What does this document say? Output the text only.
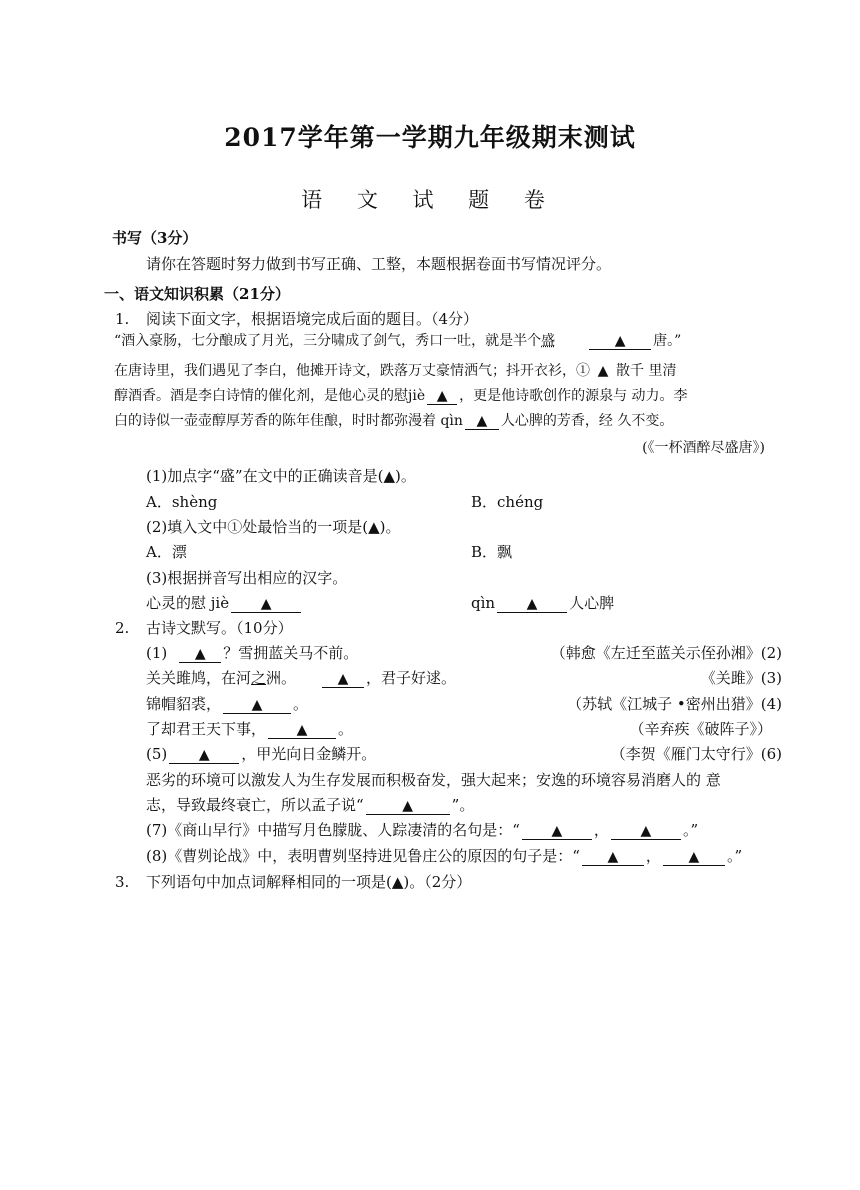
2017学年第一学期九年级期末测试
语 文 试 题 卷
书写（3分）
请你在答题时努力做到书写正确、工整，本题根据卷面书写情况评分。
一、语文知识积累（21分）
1. 阅读下面文字，根据语境完成后面的题目。（4分）
“酒入豪肠，七分酿成了月光，三分啸成了剑气，秀口一吐，就是半个盛	▲ 唐。”
在唐诗里，我们遇见了李白，他摊开诗文，跌落万丈豪情洒气；抖开衣衫，① ▲ 散千 里清
醇酒香。酒是李白诗情的催化剂，是他心灵的慰jiè ▲ ，更是他诗歌创作的源泉与 动力。李
白的诗似一壶壶醇厚芳香的陈年佳酿，时时都弥漫着 qìn ▲ 人心脾的芳香，经 久不变。
(《一杯酒醉尽盛唐》)
(1)加点字“盛”在文中的正确读音是(▲)。
A．shèng	B．chéng
(2)填入文中①处最恰当的一项是(▲)。
A．漂	B．飘
(3)根据拼音写出相应的汉字。
心灵的慰 jiè ▲	qìn ▲ 人心脾
2. 古诗文默写。（10分）
(1) ▲ ？雪拥蓝关马不前。	（韩愈《左迁至蓝关示侄孙湘》(2)
关关雎鸠，在河之洲。	▲ ，君子好逑。	《关雎》(3)
锦帽貂裘， ▲ 。	（苏轼《江城子 •密州出猎》(4)
了却君王天下事， ▲ 。	（辛弃疾《破阵子》）
(5) ▲ ，甲光向日金鳞开。	（李贺《雁门太守行》(6)
恶劣的环境可以激发人为生存发展而积极奋发，强大起来；安逸的环境容易消磨人的 意
志，导致最终衰亡，所以孟子说“	▲	”。
(7)《商山早行》中描写月色朦胧、人踪凄清的名句是：“ ▲ ， ▲ 。”
(8)《曹刿论战》中，表明曹刿坚持进见鲁庄公的原因的句子是：“ ▲ ， ▲ 。”
3. 下列语句中加点词解释相同的一项是(▲)。（2分）
